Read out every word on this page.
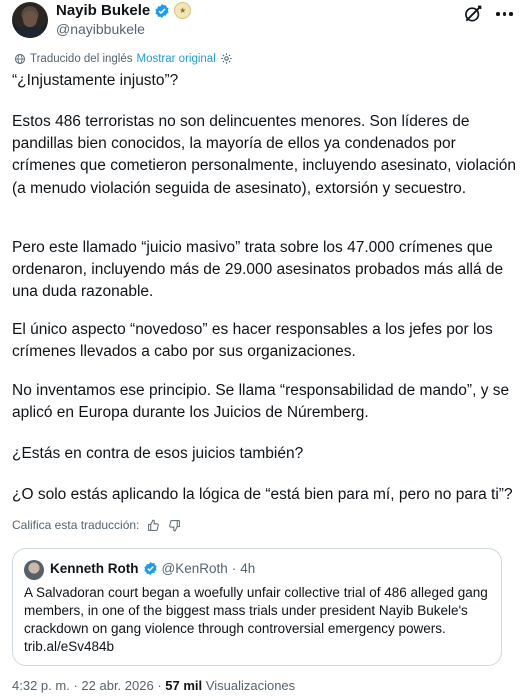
Nayib Bukele	★
@nayibbukele
Traducido del inglés Mostrar original
“¿Injustamente injusto”?
Estos 486 terroristas no son delincuentes menores. Son líderes de pandillas bien conocidos, la mayoría de ellos ya condenados por crímenes que cometieron personalmente, incluyendo asesinato, violación (a menudo violación seguida de asesinato), extorsión y secuestro.
Pero este llamado “juicio masivo” trata sobre los 47.000 crímenes que ordenaron, incluyendo más de 29.000 asesinatos probados más allá de una duda razonable.
El único aspecto “novedoso” es hacer responsables a los jefes por los crímenes llevados a cabo por sus organizaciones.
No inventamos ese principio. Se llama “responsabilidad de mando”, y se aplicó en Europa durante los Juicios de Núremberg.
¿Estás en contra de esos juicios también?
¿O solo estás aplicando la lógica de “está bien para mí, pero no para ti”?
Califica esta traducción:
Kenneth Roth @KenRoth · 4h
A Salvadoran court began a woefully unfair collective trial of 486 alleged gang members, in one of the biggest mass trials under president Nayib Bukele's crackdown on gang violence through controversial emergency powers.
trib.al/eSv484b
4:32 p. m. · 22 abr. 2026 · 57 mil Visualizaciones
